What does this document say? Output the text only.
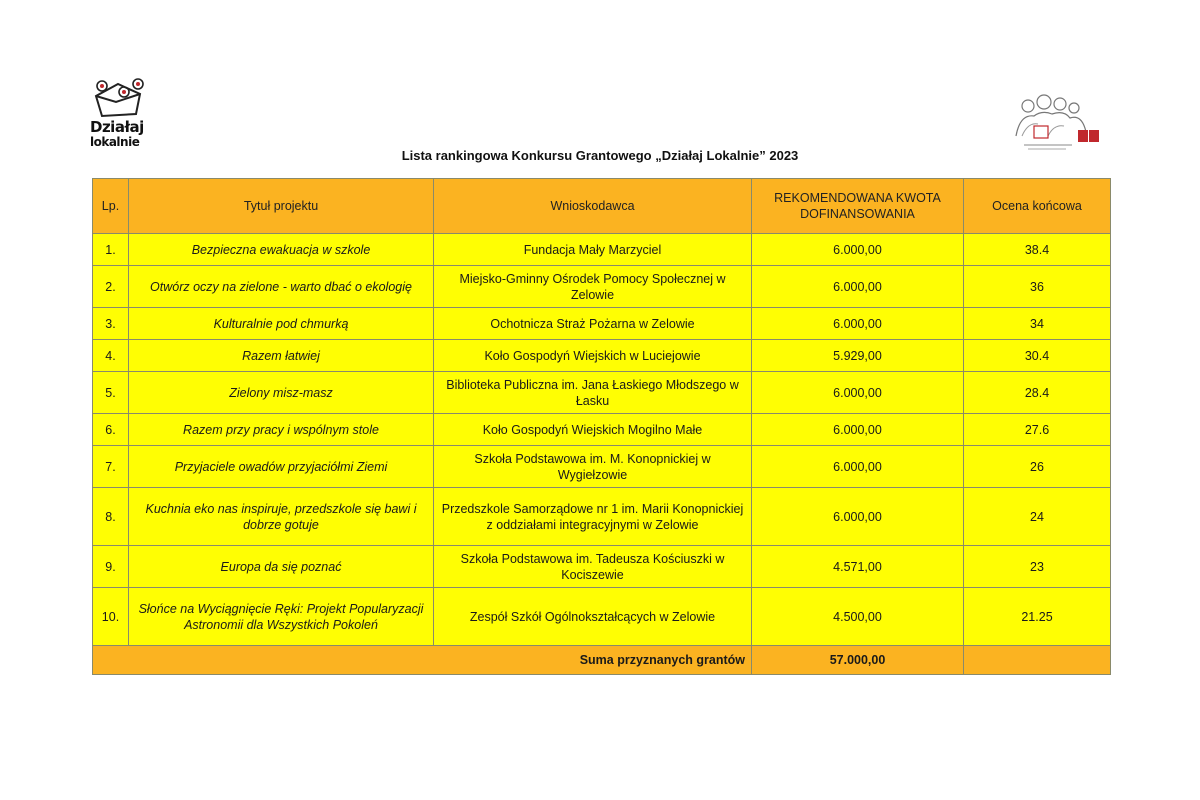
Działaj
lokalnie
Lista rankingowa Konkursu Grantowego „Działaj Lokalnie” 2023
Lp.	Tytuł projektu	Wnioskodawca	REKOMENDOWANA KWOTA DOFINANSOWANIA	Ocena końcowa
1.	Bezpieczna ewakuacja w szkole	Fundacja Mały Marzyciel	6.000,00	38.4
2.	Otwórz oczy na zielone - warto dbać o ekologię	Miejsko-Gminny Ośrodek Pomocy Społecznej w Zelowie	6.000,00	36
3.	Kulturalnie pod chmurką	Ochotnicza Straż Pożarna w Zelowie	6.000,00	34
4.	Razem łatwiej	Koło Gospodyń Wiejskich w Luciejowie	5.929,00	30.4
5.	Zielony misz-masz	Biblioteka Publiczna im. Jana Łaskiego Młodszego w Łasku	6.000,00	28.4
6.	Razem przy pracy i wspólnym stole	Koło Gospodyń Wiejskich Mogilno Małe	6.000,00	27.6
7.	Przyjaciele owadów przyjaciółmi Ziemi	Szkoła Podstawowa im. M. Konopnickiej w Wygiełzowie	6.000,00	26
8.	Kuchnia eko nas inspiruje, przedszkole się bawi i dobrze gotuje	Przedszkole Samorządowe nr 1 im. Marii Konopnickiej z oddziałami integracyjnymi w Zelowie	6.000,00	24
9.	Europa da się poznać	Szkoła Podstawowa im. Tadeusza Kościuszki w Kociszewie	4.571,00	23
10.	Słońce na Wyciągnięcie Ręki: Projekt Popularyzacji Astronomii dla Wszystkich Pokoleń	Zespół Szkół Ogólnokształcących w Zelowie	4.500,00	21.25
Suma przyznanych grantów			57.000,00	
